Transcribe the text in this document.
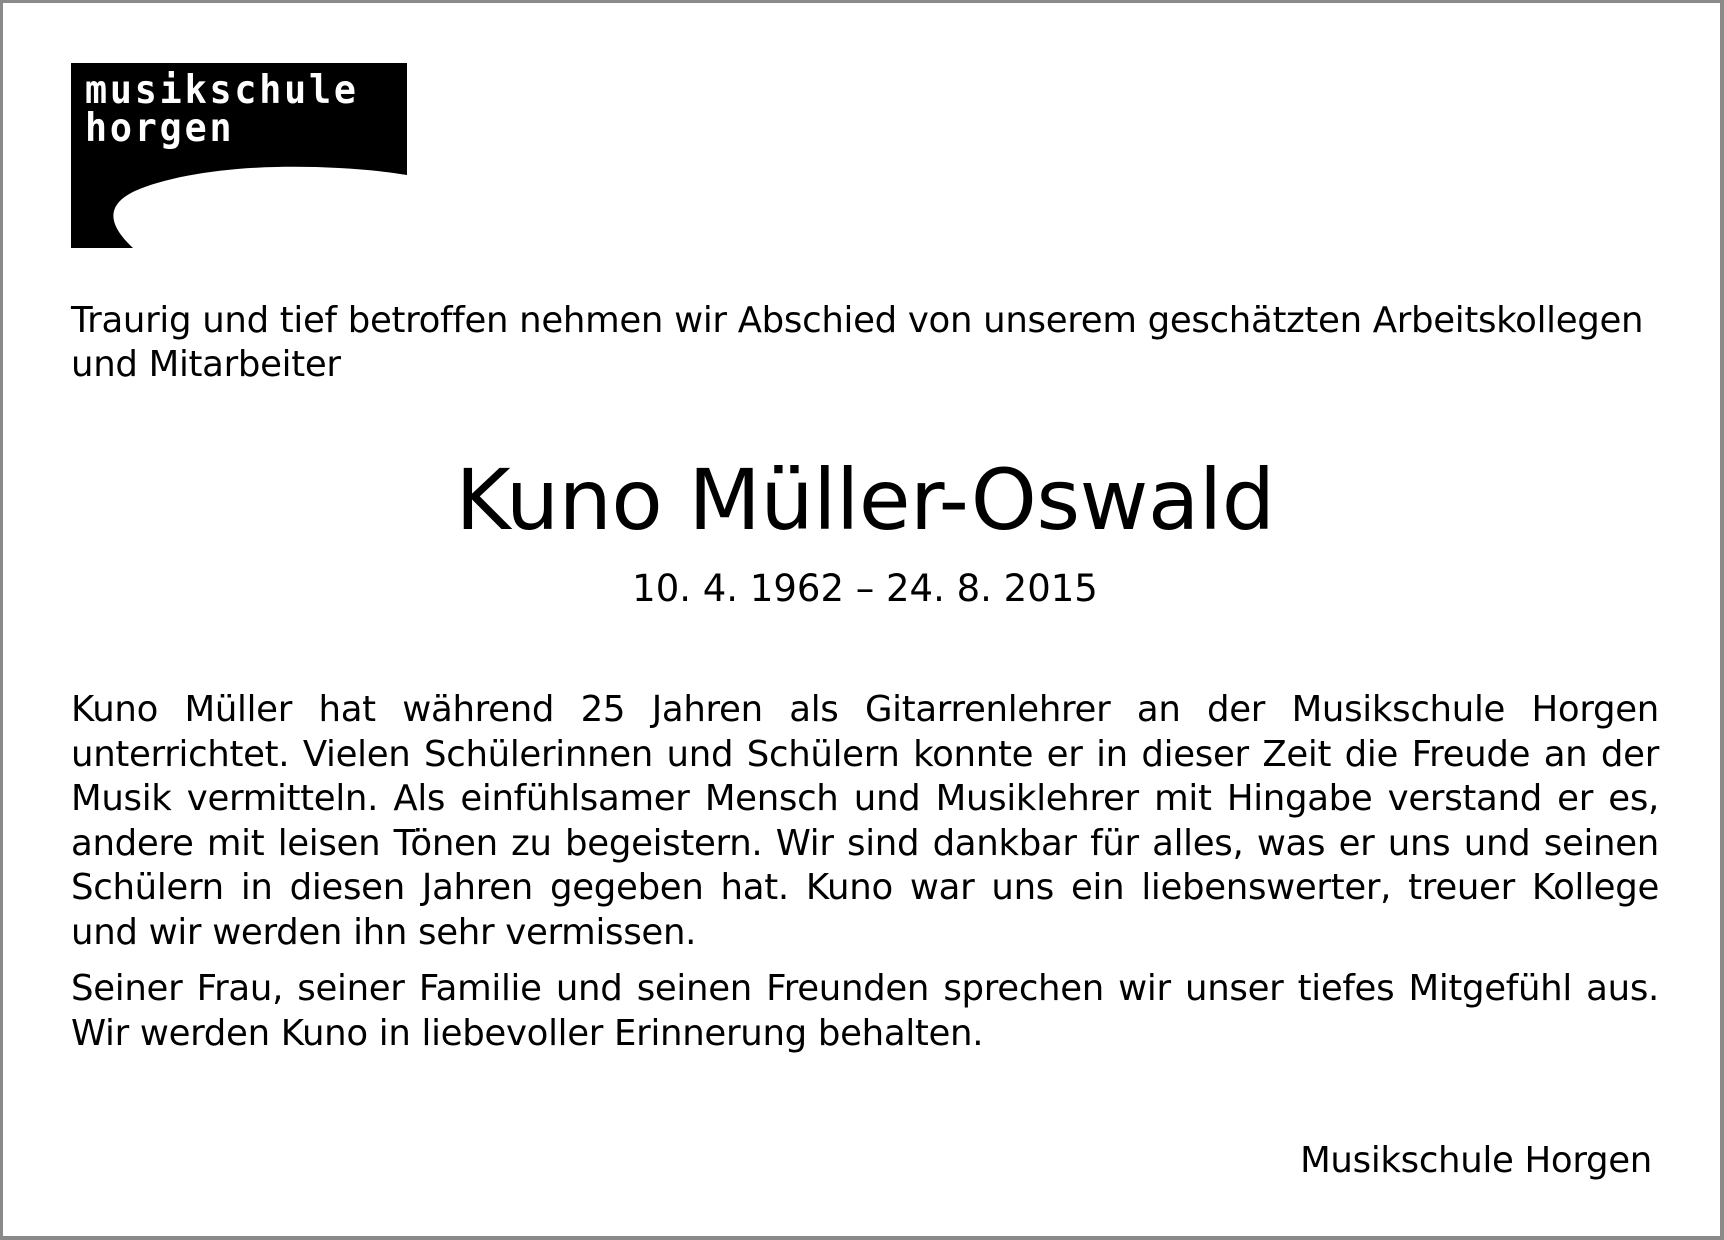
musikschule
horgen

Traurig und tief betroffen nehmen wir Abschied von unserem geschätzten Arbeitskollegen und Mitarbeiter

Kuno Müller-Oswald
10. 4. 1962 – 24. 8. 2015

Kuno Müller hat während 25 Jahren als Gitarrenlehrer an der Musikschule Horgen unterrichtet. Vielen Schülerinnen und Schülern konnte er in dieser Zeit die Freude an der Musik vermitteln. Als einfühlsamer Mensch und Musiklehrer mit Hingabe verstand er es, andere mit leisen Tönen zu begeistern. Wir sind dankbar für alles, was er uns und seinen Schülern in diesen Jahren gegeben hat. Kuno war uns ein liebenswerter, treuer Kollege und wir werden ihn sehr vermissen.

Seiner Frau, seiner Familie und seinen Freunden sprechen wir unser tiefes Mitgefühl aus. Wir werden Kuno in liebevoller Erinnerung behalten.

Musikschule Horgen
